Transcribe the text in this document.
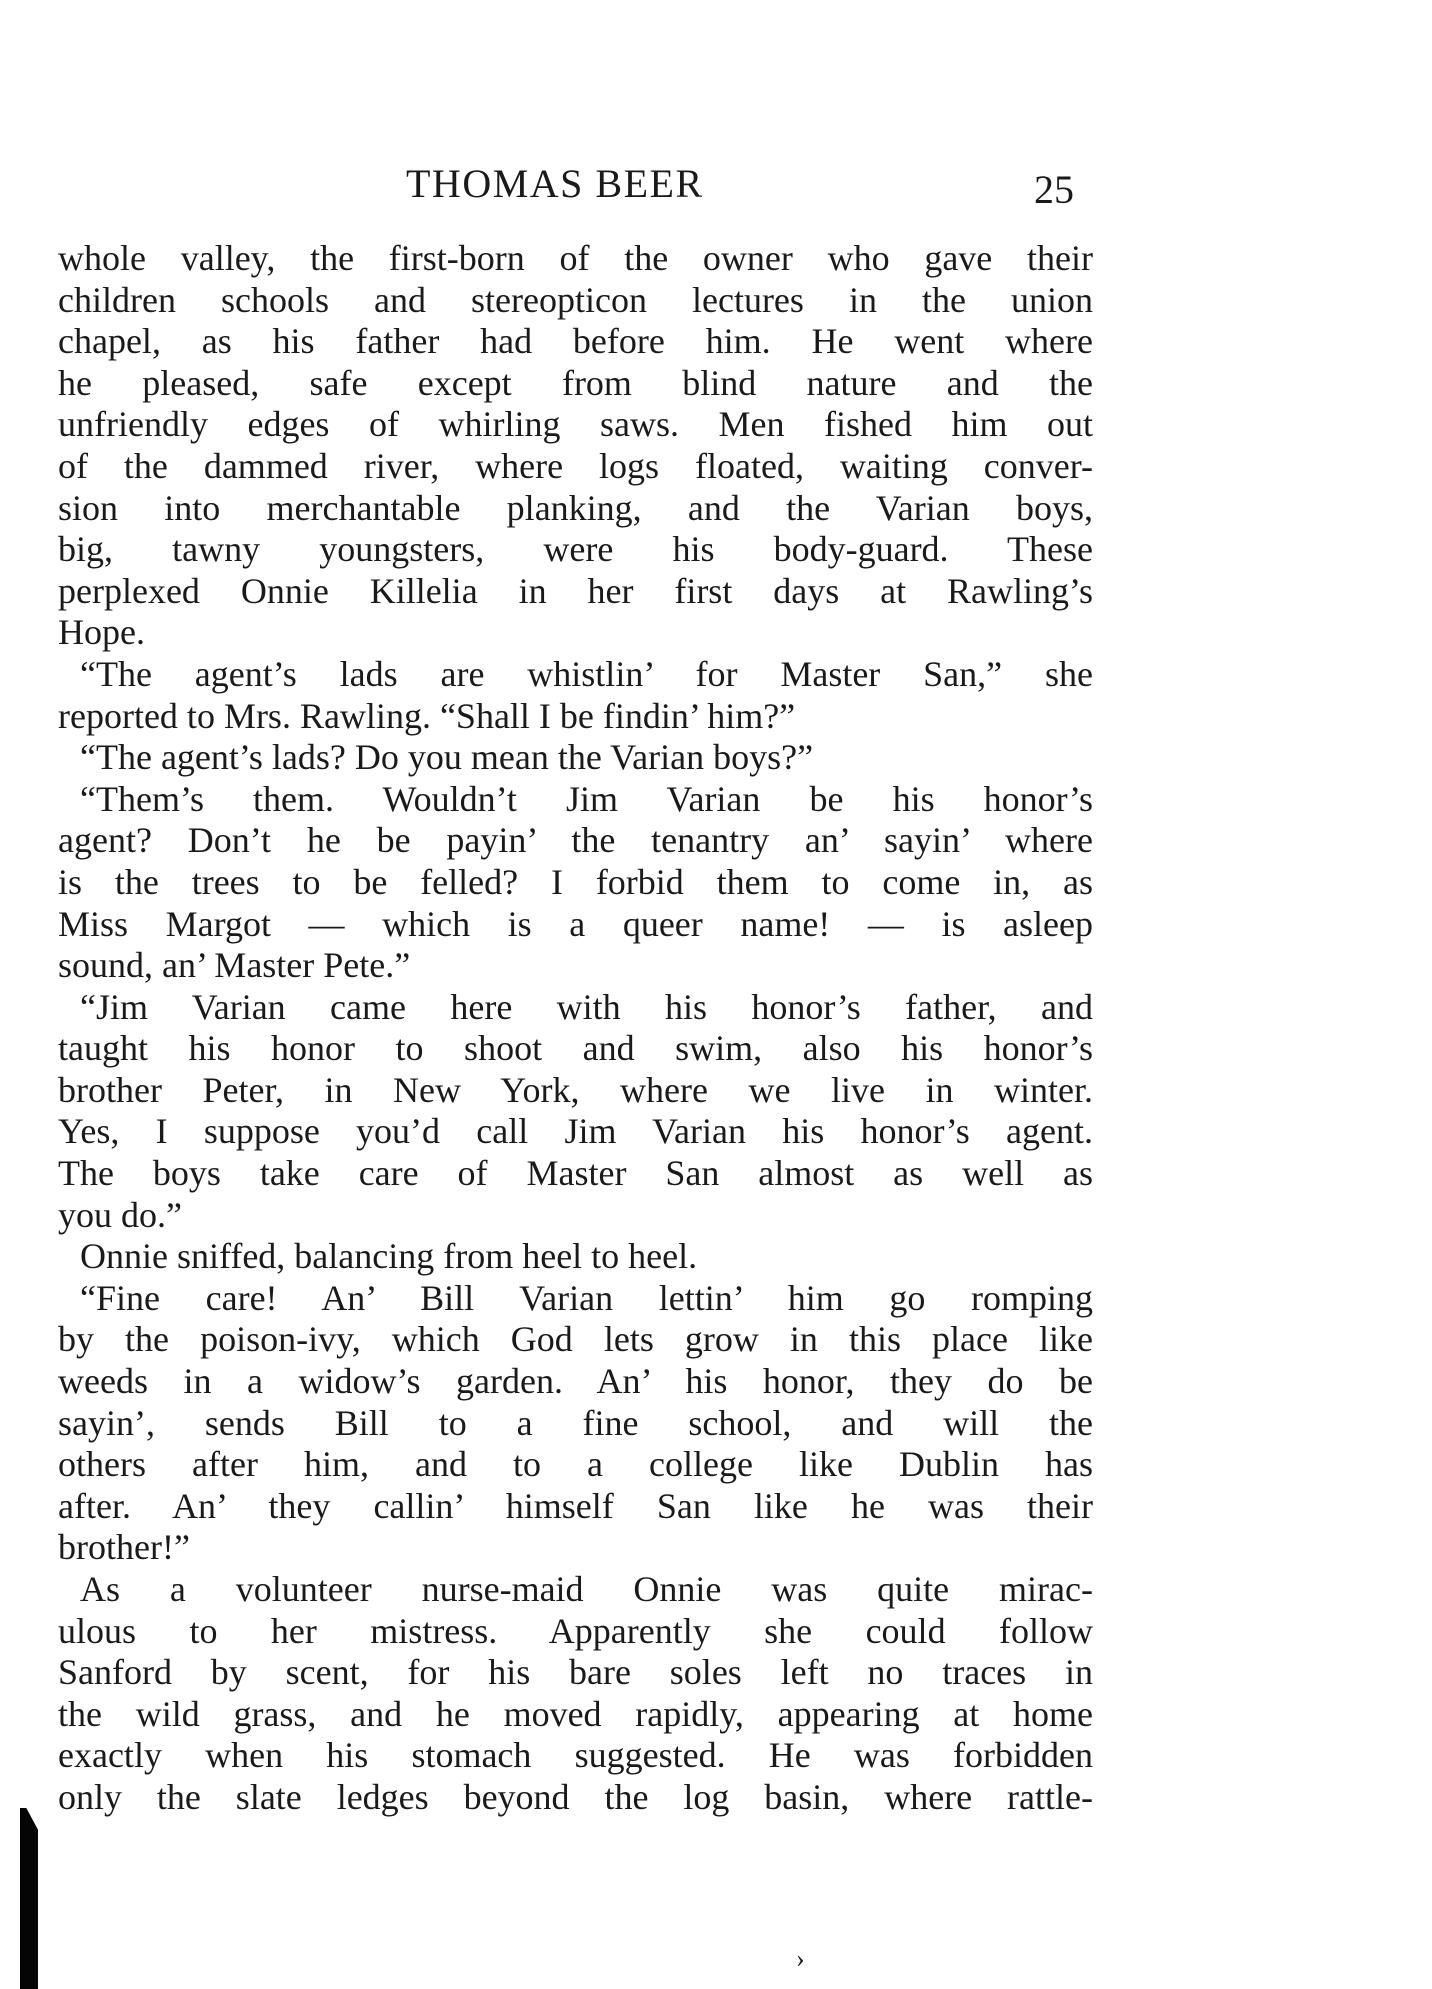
THOMAS BEER	25
whole valley, the first-born of the owner who gave their
children schools and stereopticon lectures in the union
chapel, as his father had before him. He went where
he pleased, safe except from blind nature and the
unfriendly edges of whirling saws. Men fished him out
of the dammed river, where logs floated, waiting conver-
sion into merchantable planking, and the Varian boys,
big, tawny youngsters, were his body-guard. These
perplexed Onnie Killelia in her first days at Rawling’s
Hope.
“The agent’s lads are whistlin’ for Master San,” she
reported to Mrs. Rawling. “Shall I be findin’ him?”
“The agent’s lads? Do you mean the Varian boys?”
“Them’s them. Wouldn’t Jim Varian be his honor’s
agent? Don’t he be payin’ the tenantry an’ sayin’ where
is the trees to be felled? I forbid them to come in, as
Miss Margot — which is a queer name! — is asleep
sound, an’ Master Pete.”
“Jim Varian came here with his honor’s father, and
taught his honor to shoot and swim, also his honor’s
brother Peter, in New York, where we live in winter.
Yes, I suppose you’d call Jim Varian his honor’s agent.
The boys take care of Master San almost as well as
you do.”
Onnie sniffed, balancing from heel to heel.
“Fine care! An’ Bill Varian lettin’ him go romping
by the poison-ivy, which God lets grow in this place like
weeds in a widow’s garden. An’ his honor, they do be
sayin’, sends Bill to a fine school, and will the
others after him, and to a college like Dublin has
after. An’ they callin’ himself San like he was their
brother!”
As a volunteer nurse-maid Onnie was quite mirac-
ulous to her mistress. Apparently she could follow
Sanford by scent, for his bare soles left no traces in
the wild grass, and he moved rapidly, appearing at home
exactly when his stomach suggested. He was forbidden
only the slate ledges beyond the log basin, where rattle-
›
